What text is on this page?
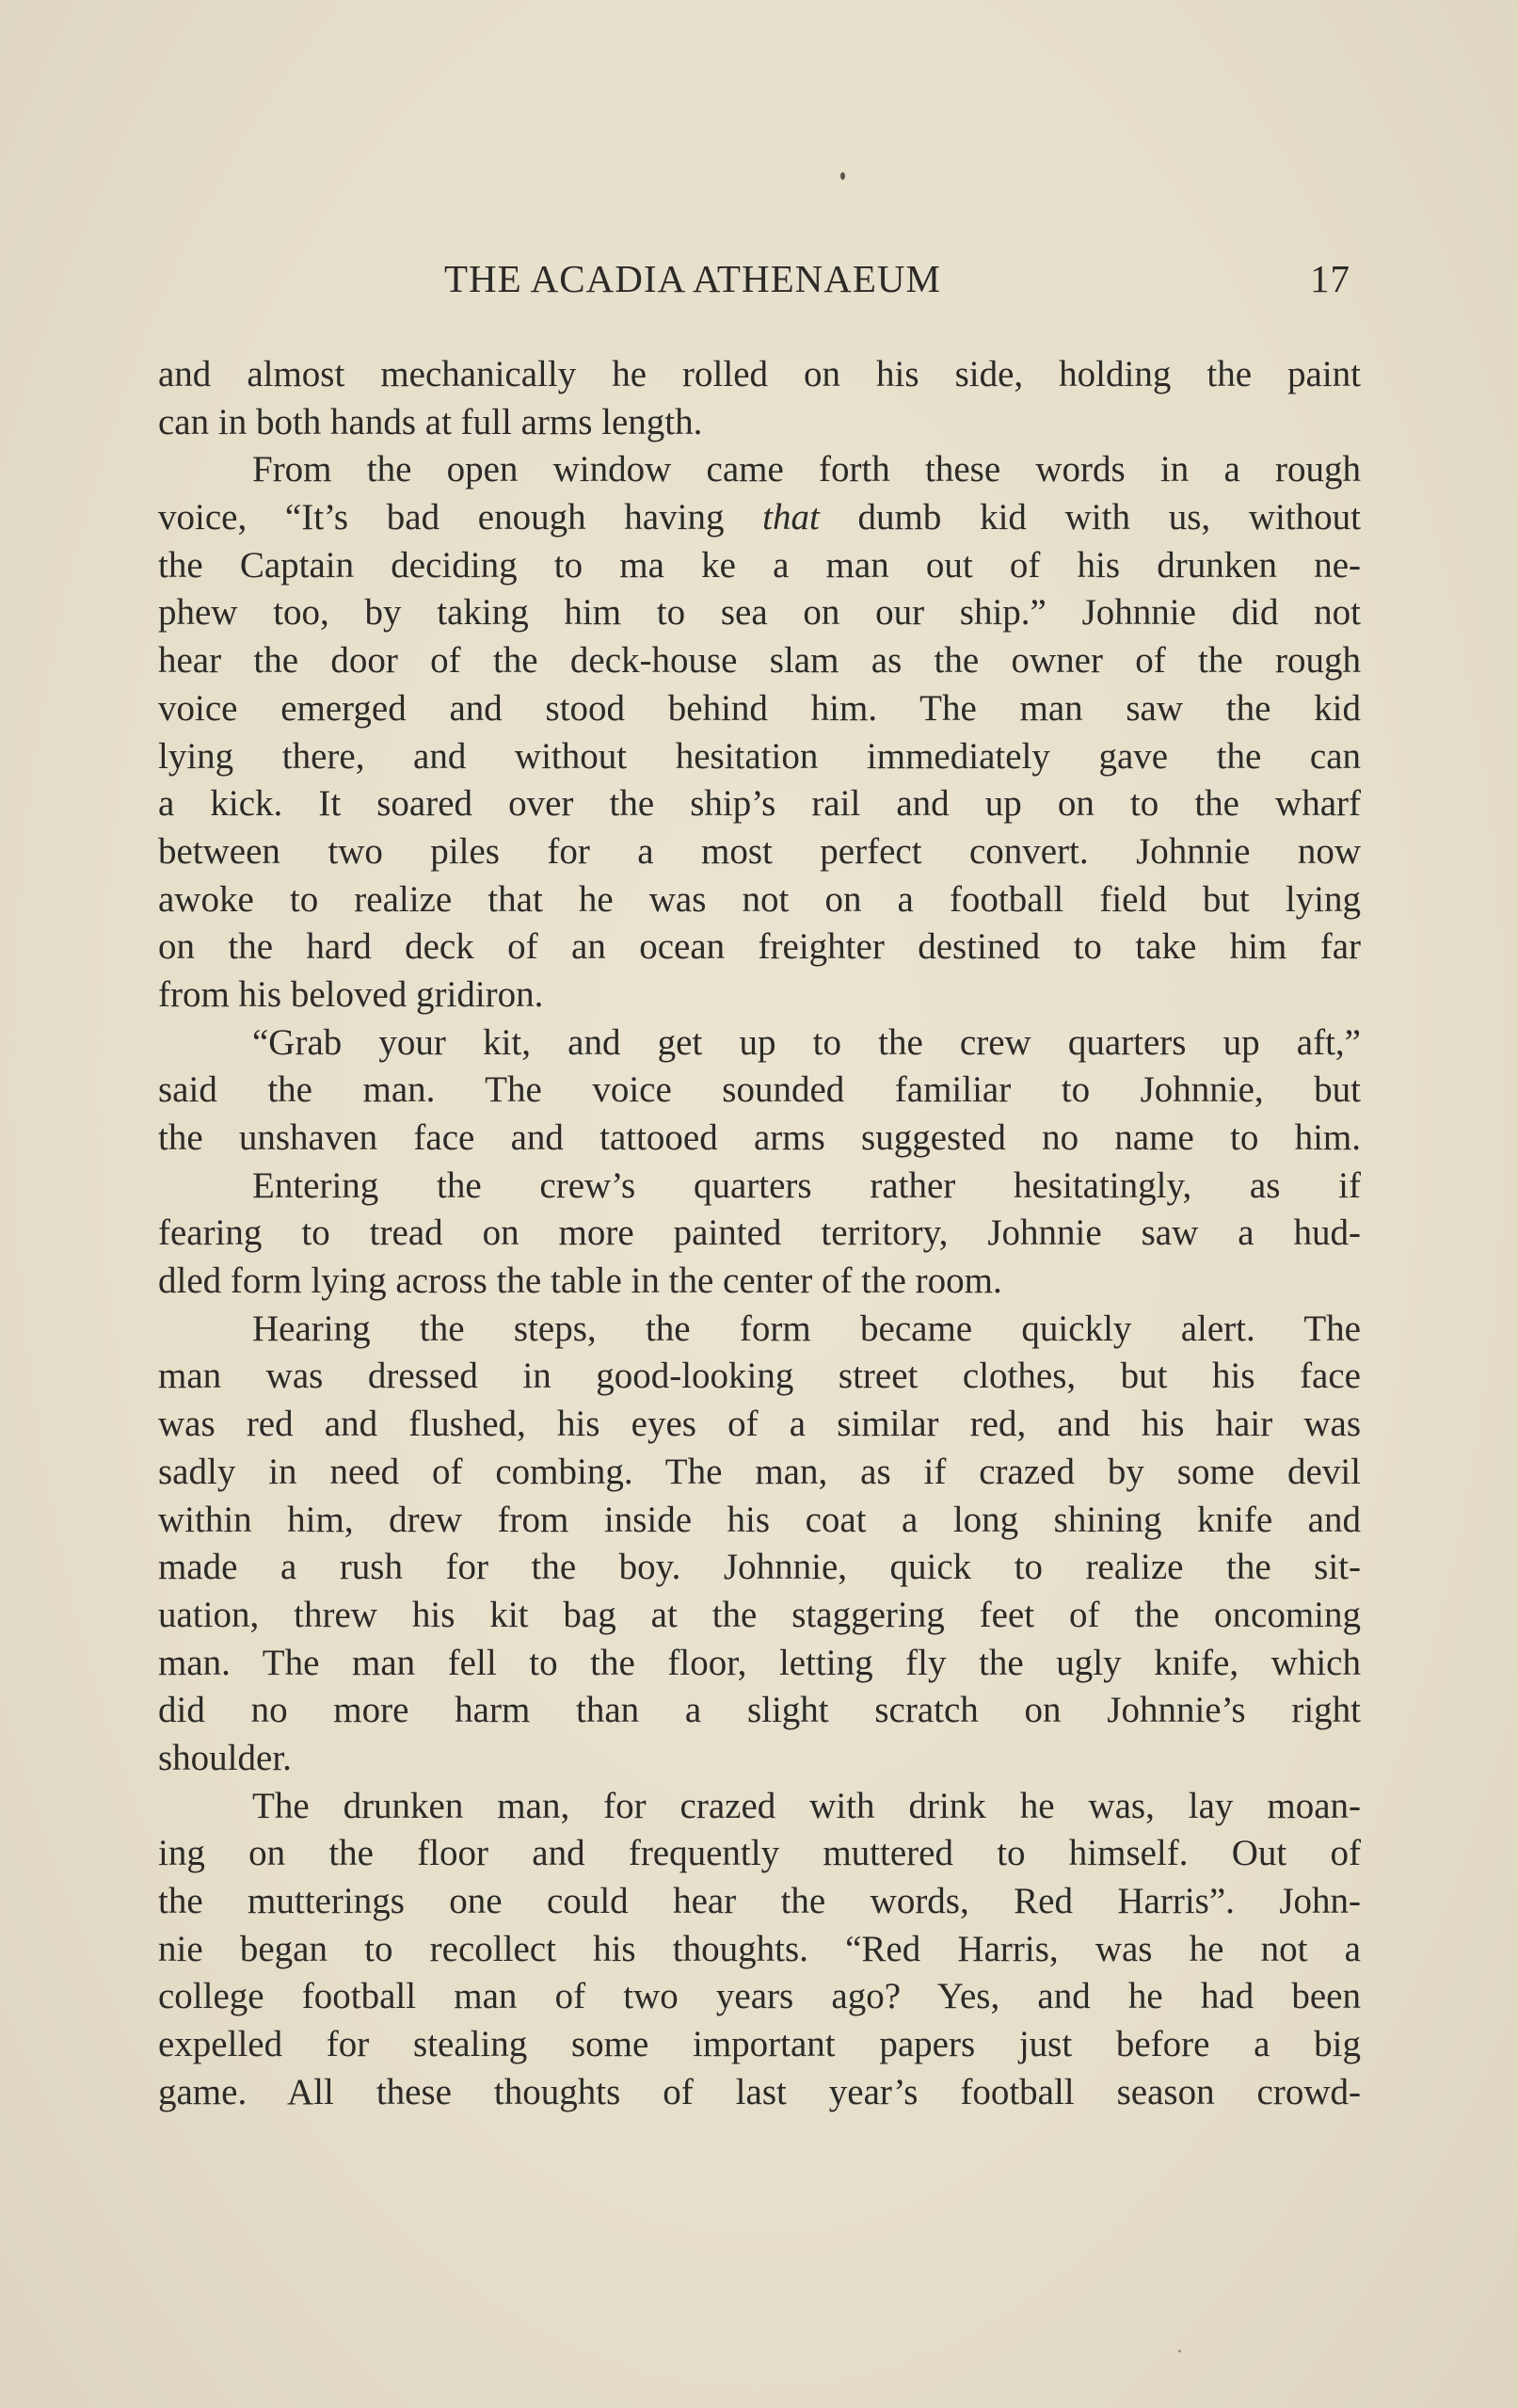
THE ACADIA ATHENAEUM	17
and almost mechanically he rolled on his side, holding the paint
can in both hands at full arms length.
From the open window came forth these words in a rough
voice, “It’s bad enough having that dumb kid with us, without
the Captain deciding to ma ke a man out of his drunken ne-
phew too, by taking him to sea on our ship.” Johnnie did not
hear the door of the deck-house slam as the owner of the rough
voice emerged and stood behind him. The man saw the kid
lying there, and without hesitation immediately gave the can
a kick. It soared over the ship’s rail and up on to the wharf
between two piles for a most perfect convert. Johnnie now
awoke to realize that he was not on a football field but lying
on the hard deck of an ocean freighter destined to take him far
from his beloved gridiron.
“Grab your kit, and get up to the crew quarters up aft,”
said the man. The voice sounded familiar to Johnnie, but
the unshaven face and tattooed arms suggested no name to him.
Entering the crew’s quarters rather hesitatingly, as if
fearing to tread on more painted territory, Johnnie saw a hud-
dled form lying across the table in the center of the room.
Hearing the steps, the form became quickly alert. The
man was dressed in good-looking street clothes, but his face
was red and flushed, his eyes of a similar red, and his hair was
sadly in need of combing. The man, as if crazed by some devil
within him, drew from inside his coat a long shining knife and
made a rush for the boy. Johnnie, quick to realize the sit-
uation, threw his kit bag at the staggering feet of the oncoming
man. The man fell to the floor, letting fly the ugly knife, which
did no more harm than a slight scratch on Johnnie’s right
shoulder.
The drunken man, for crazed with drink he was, lay moan-
ing on the floor and frequently muttered to himself. Out of
the mutterings one could hear the words, Red Harris”. John-
nie began to recollect his thoughts. “Red Harris, was he not a
college football man of two years ago? Yes, and he had been
expelled for stealing some important papers just before a big
game. All these thoughts of last year’s football season crowd-
